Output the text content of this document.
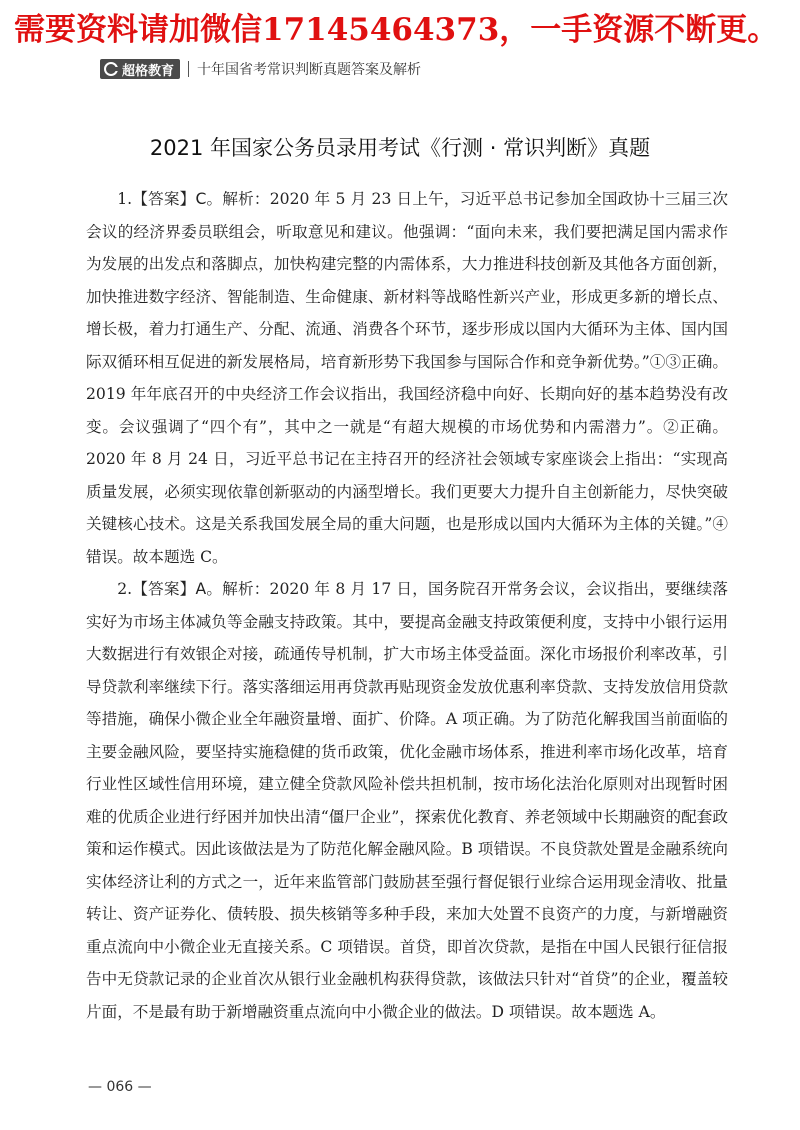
需要资料请加微信17145464373，一手资源不断更。
超格教育 十年国省考常识判断真题答案及解析
2021 年国家公务员录用考试《行测 · 常识判断》真题

1.【答案】C。解析：2020 年 5 月 23 日上午，习近平总书记参加全国政协十三届三次会议的经济界委员联组会，听取意见和建议。他强调：“面向未来，我们要把满足国内需求作为发展的出发点和落脚点，加快构建完整的内需体系，大力推进科技创新及其他各方面创新，加快推进数字经济、智能制造、生命健康、新材料等战略性新兴产业，形成更多新的增长点、增长极，着力打通生产、分配、流通、消费各个环节，逐步形成以国内大循环为主体、国内国际双循环相互促进的新发展格局，培育新形势下我国参与国际合作和竞争新优势。”①③正确。2019 年年底召开的中央经济工作会议指出，我国经济稳中向好、长期向好的基本趋势没有改变。会议强调了“四个有”，其中之一就是“有超大规模的市场优势和内需潜力”。②正确。2020 年 8 月 24 日，习近平总书记在主持召开的经济社会领域专家座谈会上指出：“实现高质量发展，必须实现依靠创新驱动的内涵型增长。我们更要大力提升自主创新能力，尽快突破关键核心技术。这是关系我国发展全局的重大问题，也是形成以国内大循环为主体的关键。”④错误。故本题选 C。

2.【答案】A。解析：2020 年 8 月 17 日，国务院召开常务会议，会议指出，要继续落实好为市场主体减负等金融支持政策。其中，要提高金融支持政策便利度，支持中小银行运用大数据进行有效银企对接，疏通传导机制，扩大市场主体受益面。深化市场报价利率改革，引导贷款利率继续下行。落实落细运用再贷款再贴现资金发放优惠利率贷款、支持发放信用贷款等措施，确保小微企业全年融资量增、面扩、价降。A 项正确。为了防范化解我国当前面临的主要金融风险，要坚持实施稳健的货币政策，优化金融市场体系，推进利率市场化改革，培育行业性区域性信用环境，建立健全贷款风险补偿共担机制，按市场化法治化原则对出现暂时困难的优质企业进行纾困并加快出清“僵尸企业”，探索优化教育、养老领域中长期融资的配套政策和运作模式。因此该做法是为了防范化解金融风险。B 项错误。不良贷款处置是金融系统向实体经济让利的方式之一，近年来监管部门鼓励甚至强行督促银行业综合运用现金清收、批量转让、资产证券化、债转股、损失核销等多种手段，来加大处置不良资产的力度，与新增融资重点流向中小微企业无直接关系。C 项错误。首贷，即首次贷款，是指在中国人民银行征信报告中无贷款记录的企业首次从银行业金融机构获得贷款，该做法只针对“首贷”的企业，覆盖较片面，不是最有助于新增融资重点流向中小微企业的做法。D 项错误。故本题选 A。

— 066 —
